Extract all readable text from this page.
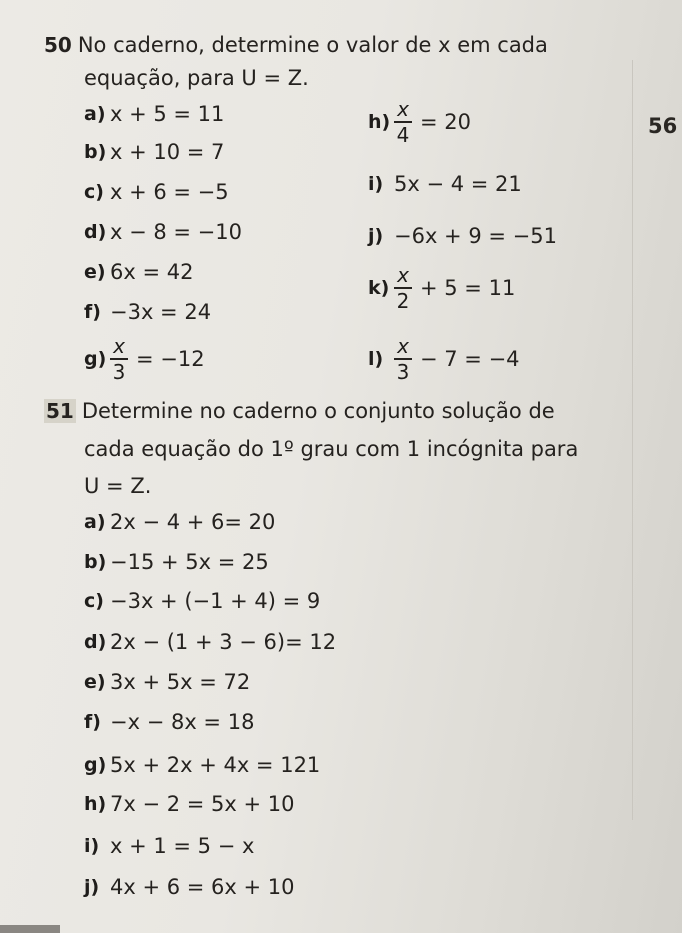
56
50 No caderno, determine o valor de x em cada
equação, para U = Z.
a) x + 5 = 11
b) x + 10 = 7
c) x + 6 = −5
d) x − 8 = −10
e) 6x = 42
f) −3x = 24
$g) \frac{x}{3} = -12$
$h) \frac{x}{4} = 20$
i) 5x − 4 = 21
j) −6x + 9 = −51
$k) \frac{x}{2} + 5 = 11$
$l) \frac{x}{3} - 7 = -4$
51 Determine no caderno o conjunto solução de
cada equação do 1º grau com 1 incógnita para
U = Z.
a) 2x − 4 + 6= 20
b) −15 + 5x = 25
c) −3x + (−1 + 4) = 9
d) 2x − (1 + 3 − 6)= 12
e) 3x + 5x = 72
f) −x − 8x = 18
g) 5x + 2x + 4x = 121
h) 7x − 2 = 5x + 10
i) x + 1 = 5 − x
j) 4x + 6 = 6x + 10
